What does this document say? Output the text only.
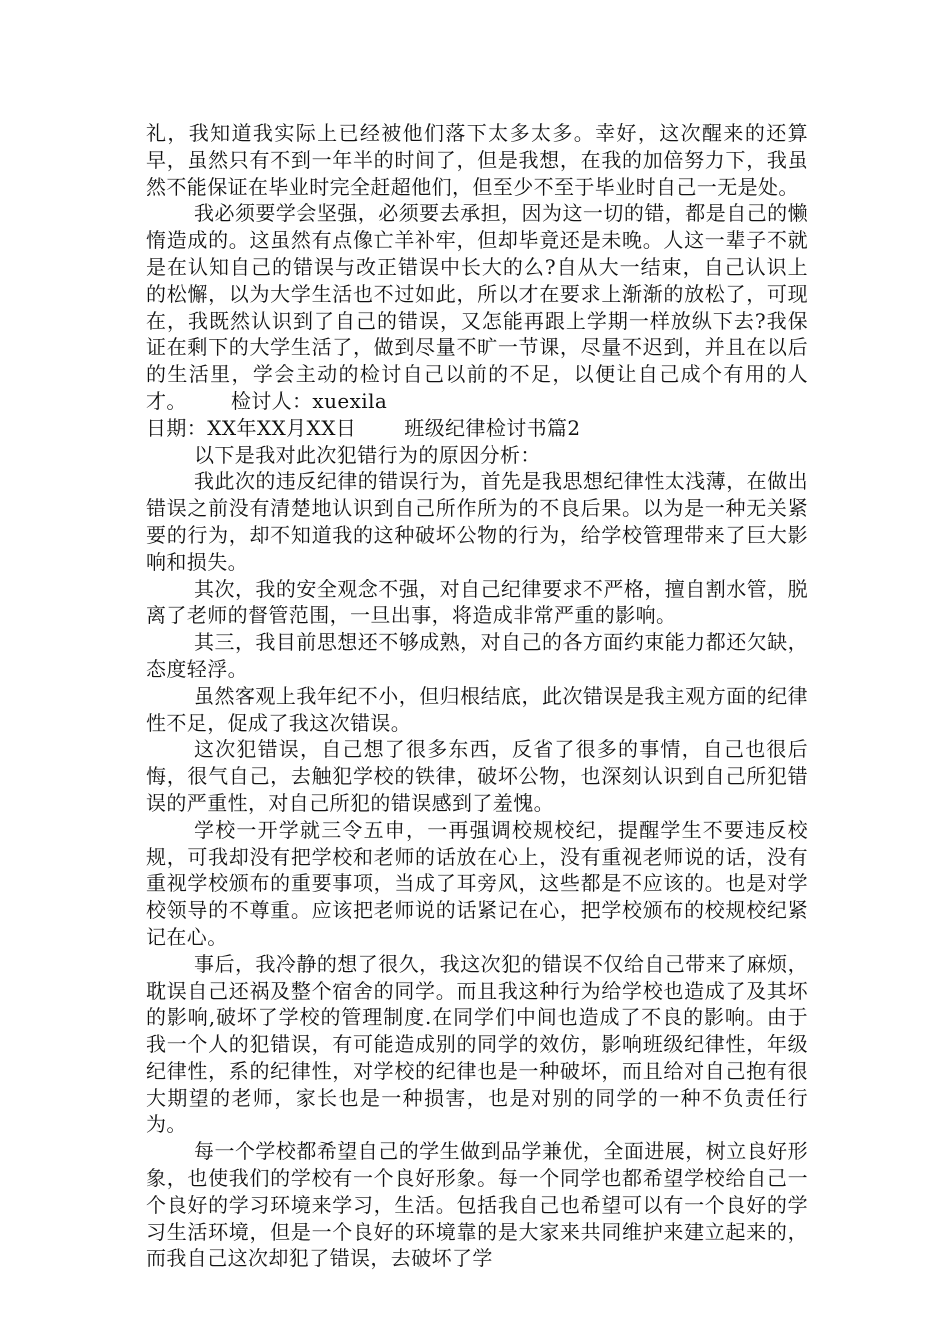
礼，我知道我实际上已经被他们落下太多太多。幸好，这次醒来的还算早，虽然只有不到一年半的时间了，但是我想，在我的加倍努力下，我虽然不能保证在毕业时完全赶超他们，但至少不至于毕业时自己一无是处。

我必须要学会坚强，必须要去承担，因为这一切的错，都是自己的懒惰造成的。这虽然有点像亡羊补牢，但却毕竟还是未晚。人这一辈子不就是在认知自己的错误与改正错误中长大的么?自从大一结束，自己认识上的松懈，以为大学生活也不过如此，所以才在要求上渐渐的放松了，可现在，我既然认识到了自己的错误，又怎能再跟上学期一样放纵下去?我保证在剩下的大学生活了，做到尽量不旷一节课，尽量不迟到，并且在以后的生活里，学会主动的检讨自己以前的不足，以便让自己成个有用的人才。 检讨人：xuexila

日期：XX年XX月XX日 班级纪律检讨书篇2

以下是我对此次犯错行为的原因分析：

我此次的违反纪律的错误行为，首先是我思想纪律性太浅薄，在做出错误之前没有清楚地认识到自己所作所为的不良后果。以为是一种无关紧要的行为，却不知道我的这种破坏公物的行为，给学校管理带来了巨大影响和损失。

其次，我的安全观念不强，对自己纪律要求不严格，擅自割水管，脱离了老师的督管范围，一旦出事，将造成非常严重的影响。

其三，我目前思想还不够成熟，对自己的各方面约束能力都还欠缺，态度轻浮。

虽然客观上我年纪不小，但归根结底，此次错误是我主观方面的纪律性不足，促成了我这次错误。

这次犯错误，自己想了很多东西，反省了很多的事情，自己也很后悔，很气自己，去触犯学校的铁律，破坏公物，也深刻认识到自己所犯错误的严重性，对自己所犯的错误感到了羞愧。

学校一开学就三令五申，一再强调校规校纪，提醒学生不要违反校规，可我却没有把学校和老师的话放在心上，没有重视老师说的话，没有重视学校颁布的重要事项，当成了耳旁风，这些都是不应该的。也是对学校领导的不尊重。应该把老师说的话紧记在心，把学校颁布的校规校纪紧记在心。

事后，我冷静的想了很久，我这次犯的错误不仅给自己带来了麻烦，耽误自己还祸及整个宿舍的同学。而且我这种行为给学校也造成了及其坏的影响,破坏了学校的管理制度.在同学们中间也造成了不良的影响。由于我一个人的犯错误，有可能造成别的同学的效仿，影响班级纪律性，年级纪律性，系的纪律性，对学校的纪律也是一种破坏，而且给对自己抱有很大期望的老师，家长也是一种损害，也是对别的同学的一种不负责任行为。

每一个学校都希望自己的学生做到品学兼优，全面进展，树立良好形象，也使我们的学校有一个良好形象。每一个同学也都希望学校给自己一个良好的学习环境来学习，生活。包括我自己也希望可以有一个良好的学习生活环境，但是一个良好的环境靠的是大家来共同维护来建立起来的，而我自己这次却犯了错误，去破坏了学
